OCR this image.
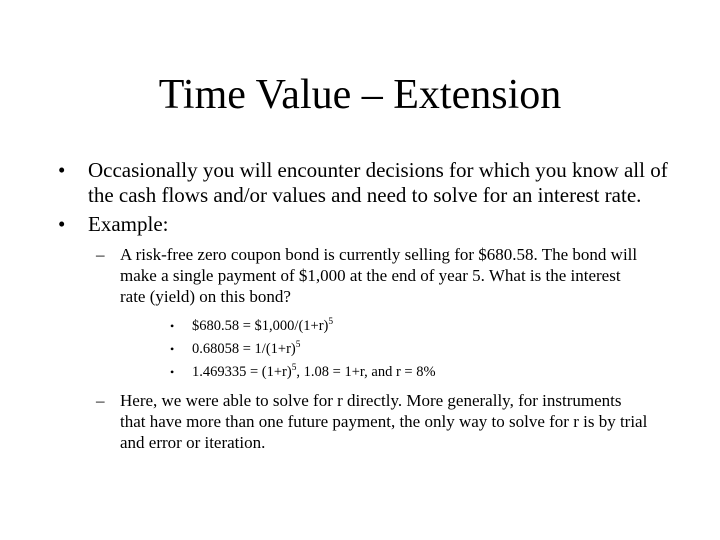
Time Value – Extension
•	Occasionally you will encounter decisions for which you know all of the cash flows and/or values and need to solve for an interest rate.
•	Example:
– A risk-free zero coupon bond is currently selling for $680.58. The bond will make a single payment of $1,000 at the end of year 5. What is the interest rate (yield) on this bond?
• $680.58 = $\$1,000/(1+r)^5$
• $0.68058 = 1/(1+r)^5$
• $1.469335 = (1+r)^5$, 1.08 = 1+r, and r = 8%
– Here, we were able to solve for r directly. More generally, for instruments that have more than one future payment, the only way to solve for r is by trial and error or iteration.
